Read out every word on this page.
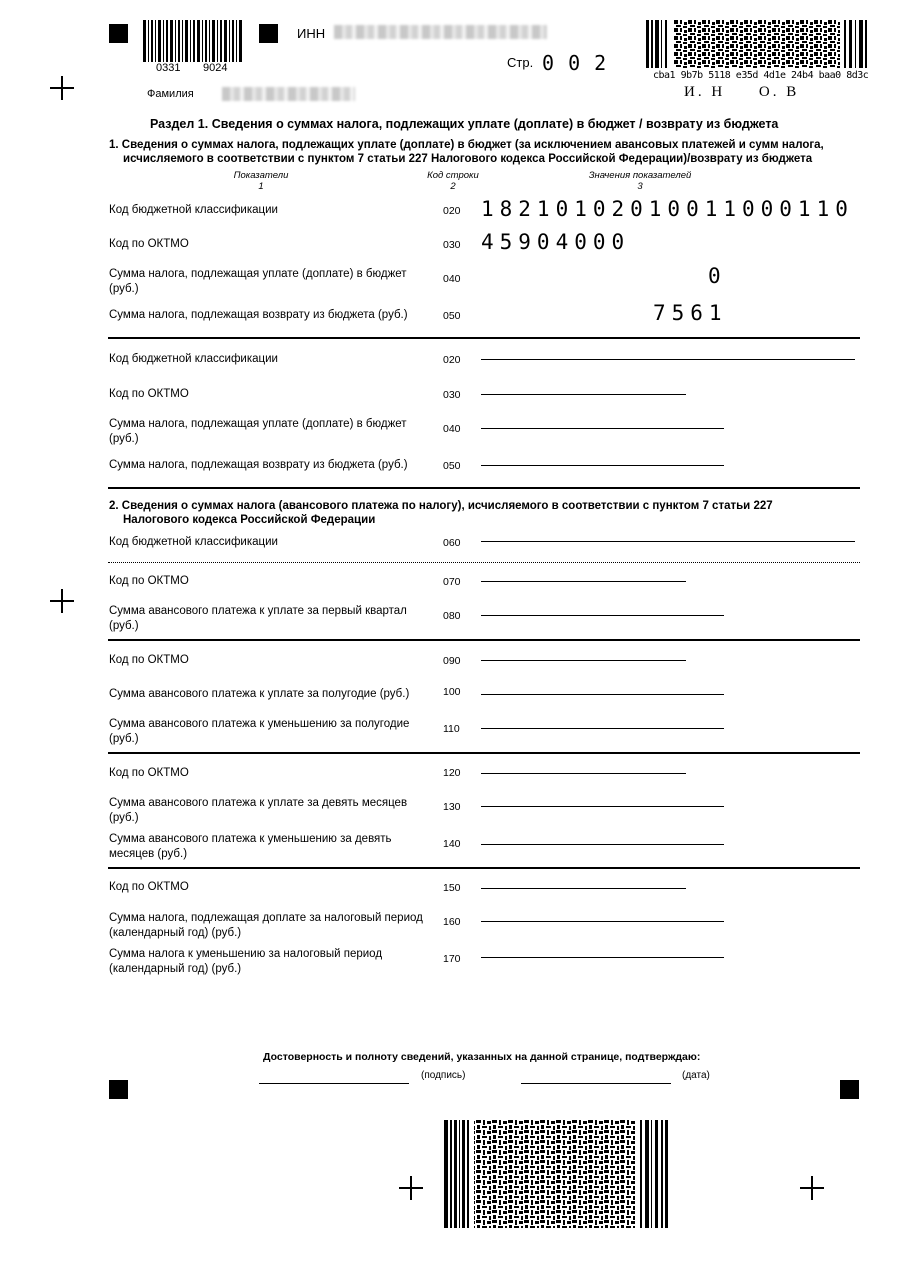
0331 9024
ИНН
Стр. 0 0 2
Фамилия
cba1 9b7b 5118 e35d 4d1e 24b4 baa0 8d3c
И. Н     О. В
Раздел 1. Сведения о суммах налога, подлежащих уплате (доплате) в бюджет / возврату из бюджета
1. Сведения о суммах налога, подлежащих уплате (доплате) в бюджет (за исключением авансовых платежей и сумм налога,
исчисляемого в соответствии с пунктом 7 статьи 227 Налогового кодекса Российской Федерации)/возврату из бюджета
Показатели
1
Код строки
2
Значения показателей
3
Код бюджетной классификации	020 18210102010011000110
Код по ОКТМО	030 45904000
Сумма налога, подлежащая уплате (доплате) в бюджет
(руб.)
040	0
Сумма налога, подлежащая возврату из бюджета (руб.)	050	7561
Код бюджетной классификации	020
Код по ОКТМО	030
Сумма налога, подлежащая уплате (доплате) в бюджет
(руб.)
040
Сумма налога, подлежащая возврату из бюджета (руб.)	050
2. Сведения о суммах налога (авансового платежа по налогу), исчисляемого в соответствии с пунктом 7 статьи 227
Налогового кодекса Российской Федерации
Код бюджетной классификации	060
Код по ОКТМО	070
Сумма авансового платежа к уплате за первый квартал
(руб.)
080
Код по ОКТМО	090
Сумма авансового платежа к уплате за полугодие (руб.)	100
Сумма авансового платежа к уменьшению за полугодие
(руб.)
110
Код по ОКТМО	120
Сумма авансового платежа к уплате за девять месяцев
(руб.)
130
Сумма авансового платежа к уменьшению за девять
месяцев (руб.)
140
Код по ОКТМО	150
Сумма налога, подлежащая доплате за налоговый период
(календарный год) (руб.)
160
Сумма налога к уменьшению за налоговый период
(календарный год) (руб.)
170
Достоверность и полноту сведений, указанных на данной странице, подтверждаю:
(подпись)	(дата)
